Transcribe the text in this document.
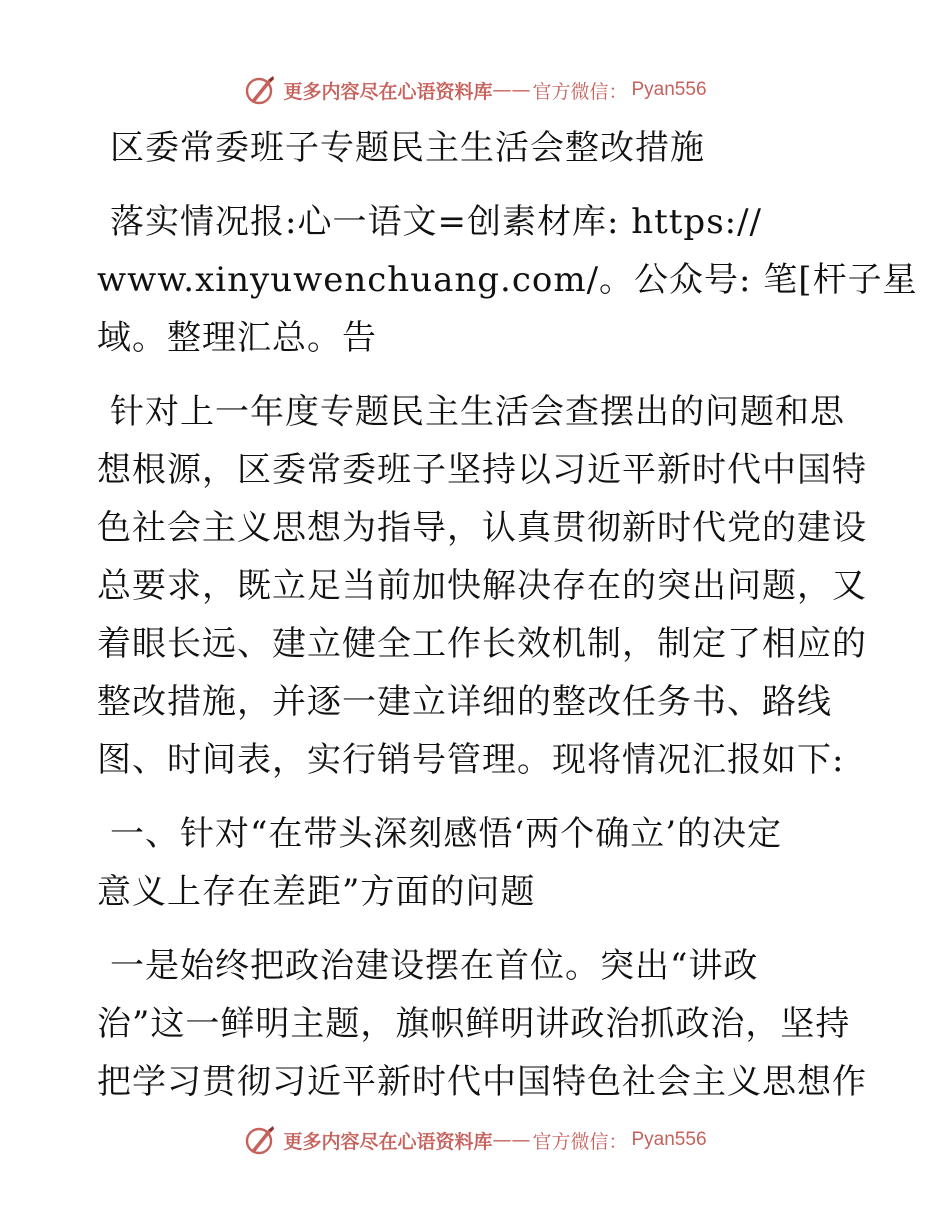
更多内容尽在心语资料库 —— 官方微信： Pyan556
区委常委班子专题民主生活会整改措施
落实情况报:心一语文=创素材库: https://
www.xinyuwenchuang.com/。公众号: 笔[杆子星
域。整理汇总。告
针对上一年度专题民主生活会查摆出的问题和思
想根源，区委常委班子坚持以习近平新时代中国特
色社会主义思想为指导，认真贯彻新时代党的建设
总要求，既立足当前加快解决存在的突出问题，又
着眼长远、建立健全工作长效机制，制定了相应的
整改措施，并逐一建立详细的整改任务书、路线
图、时间表，实行销号管理。现将情况汇报如下:
一、针对“在带头深刻感悟‘两个确立’的决定
意义上存在差距”方面的问题
一是始终把政治建设摆在首位。突出“讲政
治”这一鲜明主题，旗帜鲜明讲政治抓政治，坚持
把学习贯彻习近平新时代中国特色社会主义思想作
更多内容尽在心语资料库 —— 官方微信： Pyan556
